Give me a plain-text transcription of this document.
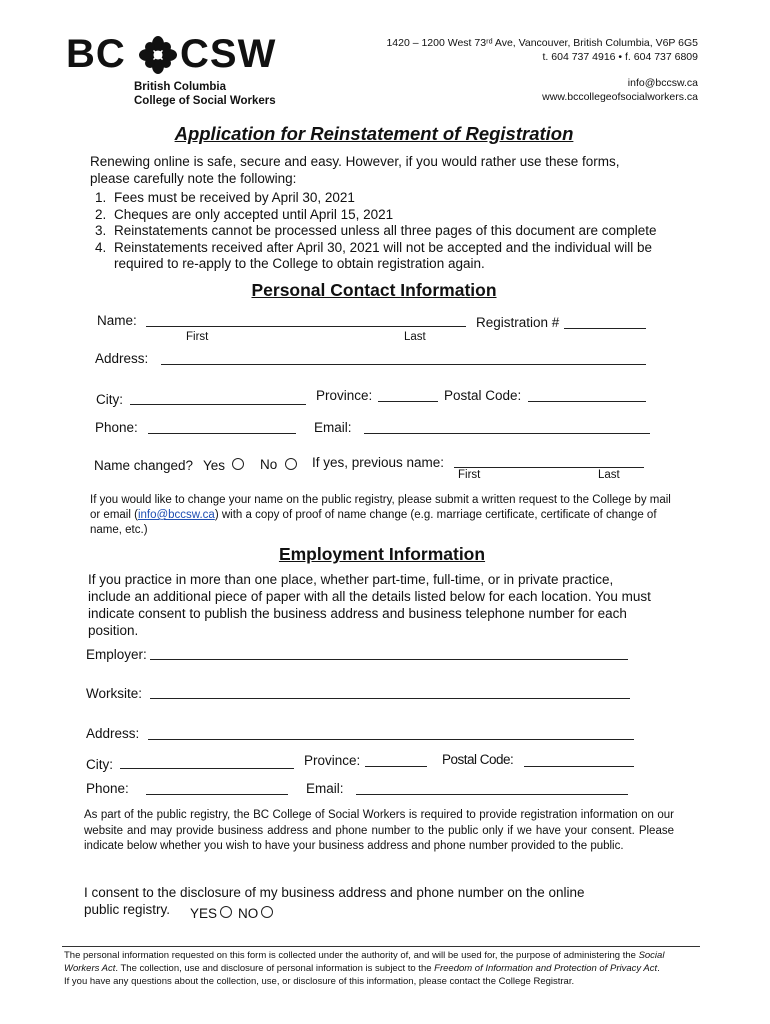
BC CSW
British Columbia
College of Social Workers
1420 – 1200 West 73ʳᵈ Ave, Vancouver, British Columbia, V6P 6G5
t. 604 737 4916 • f. 604 737 6809
info@bccsw.ca
www.bccollegeofsocialworkers.ca
Application for Reinstatement of Registration
Renewing online is safe, secure and easy. However, if you would rather use these forms, please carefully note the following:
1. Fees must be received by April 30, 2021
2. Cheques are only accepted until April 15, 2021
3. Reinstatements cannot be processed unless all three pages of this document are complete
4. Reinstatements received after April 30, 2021 will not be accepted and the individual will be required to re-apply to the College to obtain registration again.
Personal Contact Information
Name:
First	Last
Registration #
Address:
City:	Province:	Postal Code:
Phone:	Email:
Name changed? Yes	No	If yes, previous name:
First	Last
If you would like to change your name on the public registry, please submit a written request to the College by mail or email (info@bccsw.ca) with a copy of proof of name change (e.g. marriage certificate, certificate of change of name, etc.)
Employment Information
If you practice in more than one place, whether part-time, full-time, or in private practice, include an additional piece of paper with all the details listed below for each location. You must indicate consent to publish the business address and business telephone number for each position.
Employer:
Worksite:
Address:
City:	Province:	Postal Code:
Phone:	Email:
As part of the public registry, the BC College of Social Workers is required to provide registration information on our website and may provide business address and phone number to the public only if we have your consent. Please indicate below whether you wish to have your business address and phone number provided to the public.
I consent to the disclosure of my business address and phone number on the online
public registry. YES NO
The personal information requested on this form is collected under the authority of, and will be used for, the purpose of administering the Social Workers Act. The collection, use and disclosure of personal information is subject to the Freedom of Information and Protection of Privacy Act.
If you have any questions about the collection, use, or disclosure of this information, please contact the College Registrar.
